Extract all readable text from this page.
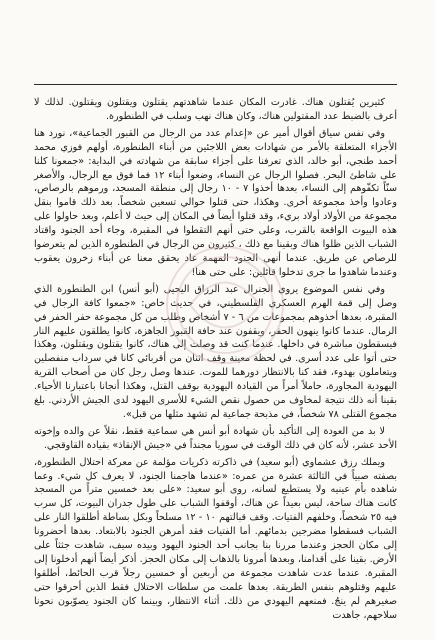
كثيرين يُقتلون هناك. غادرت المكان عندما شاهدتهم يقتلون ويقتلون ويقتلون. لذلك لا أعرف بالضبط عدد المقتولين هناك، وكان هناك نهب وسلب في الطنطورة.

وفي نفس سياق أقوال أمير عن «إعدام عدد من الرجال من القبور الجماعية»، نورد هنا الأجزاء المتعلقة بالأمر من شهادات بعض اللاجئين من أبناء الطنطورة، أولهم فوزي محمد أحمد طنجي، أبو خالد، الذي تعرفنا على أجزاء سابقة من شهادته في البداية: «جمعونا كلنا على شاطئ البحر. فصلوا الرجال عن النساء، وضعوا أبناء ١٢ فما فوق مع الرجال، والأصغر سنّاً تكفّوهم إلى النساء، بعدها أخذوا ٧ - ١٠ رجال إلى منطقة المسجد، ورموهم بالرصاص، وعادوا وأخذ مجموعة أخرى. وهكذا، حتى قتلوا حوالي تسعين شخصاً. بعد ذلك قاموا بنقل مجموعة من الأولاد أولاد بريء، وقد قتلوا أيضاً في المكان إلى حيث لا أعلم، وبعد حاولوا على هذه البيوت الواقعة بالقرب، وعلى حتى أنهم التقطوا في المقبرة، وجاء أحد الجنود واقتاد الشباب الذين ظلوا هناك وبقينا مع ذلك ، كثيرون من الرجال في الطنطورة الذين لم يتعرضوا للرصاص عن طريق. عندما أنهى الجنود المهمة عاد يحقق معنا عن أبناء زخرون يعقوب وعندما شاهدوا ما جرى تدخلوا قائلين: على حتى هنا!

وفي نفس الموضوع يروي الجنرال عبد الرزاق اليحيى (أبو أنس) ابن الطنطورة الذي وصل إلى قمة الهرم العسكري الفلسطيني، في حديث خاص: «جمعوا كافة الرجال في المقبرة، بعدها أخذوهم بمجموعات من ٦ - ٧ أشخاص وطلب من كل مجموعة حفر الحفر في الرمال. عندما كانوا ينهون الحفر، ويقفون عند حافة القبور الجاهزة، كانوا يطلقون عليهم النار فيسقطون مباشرة في داخلها. عندما كنت قد وصلت إلى هناك، كانوا يقتلون ويقتلون، وهكذا حتى أتوا على عدد أسرى. في لحظة معينة وقف اثنان من أقربائي كانا في سرداب منفصلين ويتعاملون بهدوء، فقد كنا بالانتظار دورهما للموت. عندها وصل رجل كان من أصحاب القرية اليهودية المجاورة، حاملاً أمراً من القيادة اليهودية بوقف القتل، وهكذا أنجانا باعتبارنا الأحياء. بقينا أنه ذلك نتيجة لمخاوف من حصول نقص الشيء للأسرى اليهود لدى الجيش الأردني. بلغ مجموع القتلى ٧٨ شخصاً، في مذبحة جماعية لم تشهد مثلها من قبل».

لا بد من العودة إلى التأكيد بأن شهادة أبو أنس هي سماعية فقط، نقلاً عن والده وإخوته الأحد عشر، لأنه كان في ذلك الوقت في سوريا مجنداً في «جيش الإنقاذ» بقيادة القاوقجي.

ويملك رزق عشماوي (أبو سعيد) في ذاكرته ذكريات مؤلمة عن معركة احتلال الطنطورة، بصفته صبياً في الثالثة عشرة من عمره: «عندما هاجمنا الجنود، لا يعرف كل شيء. وعما شاهده بأم عينيه ولا يستطيع لسانه، روى أبو سعيد: «على بعد خمسين متراً من المسجد كانت هناك ساحة، ليس بعيداً عن هناك، أوقفوا الشباب على طول جدران البيوت، كل سرب فيه ٢٥ شخصاً، وخلفهم الفتيات. وقف قبالتهم ١٠ - ١٢ مسلحاً وبكل بساطة أطلقوا النار على الشباب فسقطوا مضرجين بدمائهم. أما الفتيات فقد أمرهن الجنود بالابتعاد. بعدها أحضرونا إلى مكان الحجز وعندما مررنا بنا بجانب أحد الجنود اليهود وبيده سيف، شاهدت جثثاً على الأرض. بقينا على أقدامنا، وبعدها أمرونا بالذهاب إلى مكان الحجز. أذكر أيضاً أنهم أدخلونا إلى المقبرة. عندما عدت شاهدت مجموعة من أربعين أو خمسين رجلاً قرب الحائط، أطلقوا عليهم وقتلوهم بنفس الطريقة. بعدها علمت من سلطات الاحتلال فقط الذين أحرقوا حتى صغيرهم لم ينجُ. فمنعهم اليهودي من ذلك. أثناء الانتظار، وبينما كان الجنود يصوّبون نحونا سلاحهم، جاهدت
